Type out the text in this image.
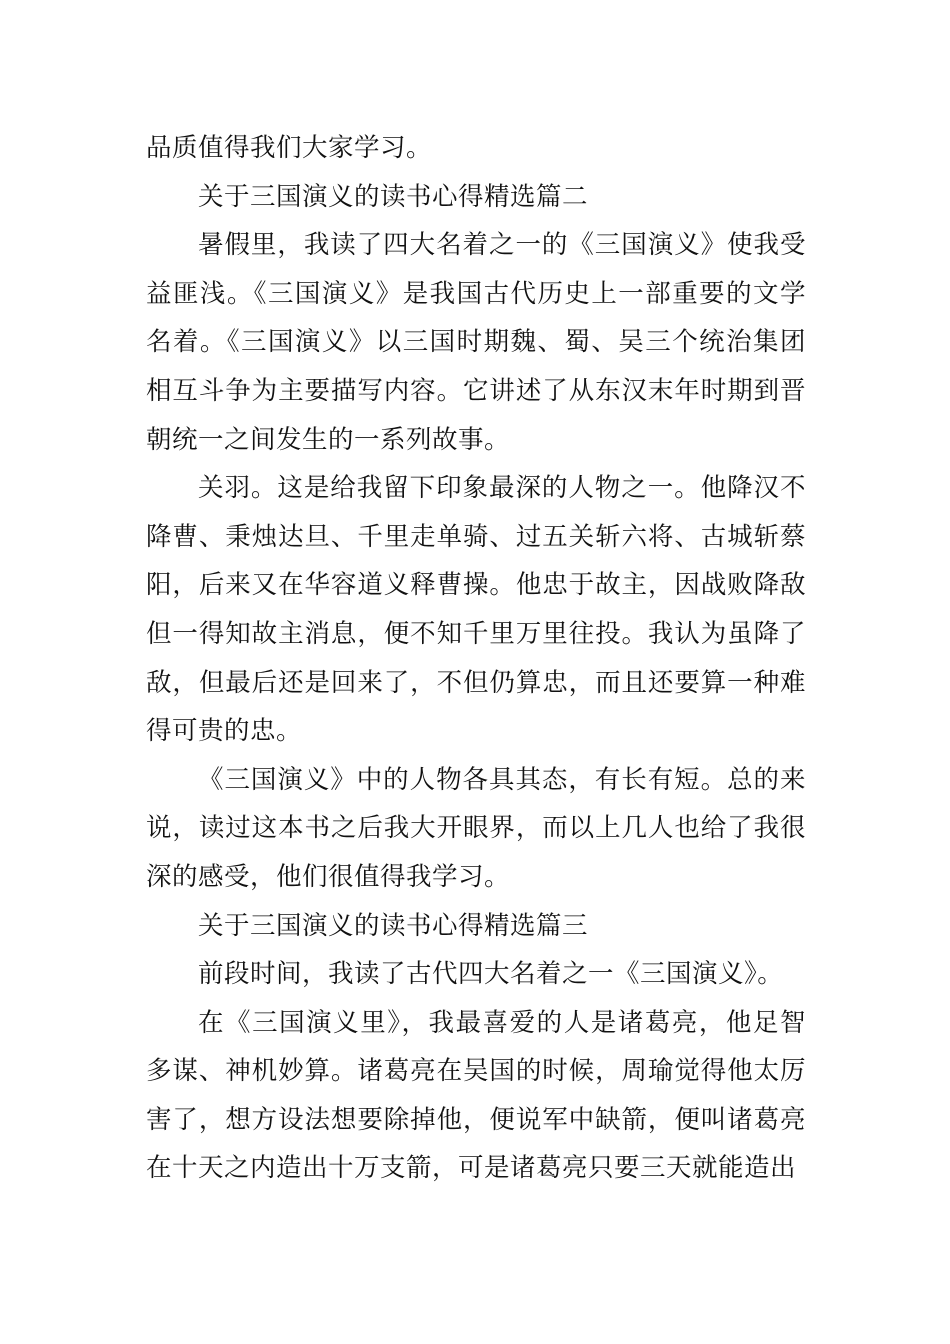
品质值得我们大家学习。

关于三国演义的读书心得精选篇二

暑假里，我读了四大名着之一的《三国演义》使我受益匪浅。《三国演义》是我国古代历史上一部重要的文学名着。《三国演义》以三国时期魏、蜀、吴三个统治集团相互斗争为主要描写内容。它讲述了从东汉末年时期到晋朝统一之间发生的一系列故事。

关羽。这是给我留下印象最深的人物之一。他降汉不降曹、秉烛达旦、千里走单骑、过五关斩六将、古城斩蔡阳，后来又在华容道义释曹操。他忠于故主，因战败降敌但一得知故主消息，便不知千里万里往投。我认为虽降了敌，但最后还是回来了，不但仍算忠，而且还要算一种难得可贵的忠。

《三国演义》中的人物各具其态，有长有短。总的来说，读过这本书之后我大开眼界，而以上几人也给了我很深的感受，他们很值得我学习。

关于三国演义的读书心得精选篇三

前段时间，我读了古代四大名着之一《三国演义》。

在《三国演义里》，我最喜爱的人是诸葛亮，他足智多谋、神机妙算。诸葛亮在吴国的时候，周瑜觉得他太厉害了，想方设法想要除掉他，便说军中缺箭，便叫诸葛亮在十天之内造出十万支箭，可是诸葛亮只要三天就能造出
